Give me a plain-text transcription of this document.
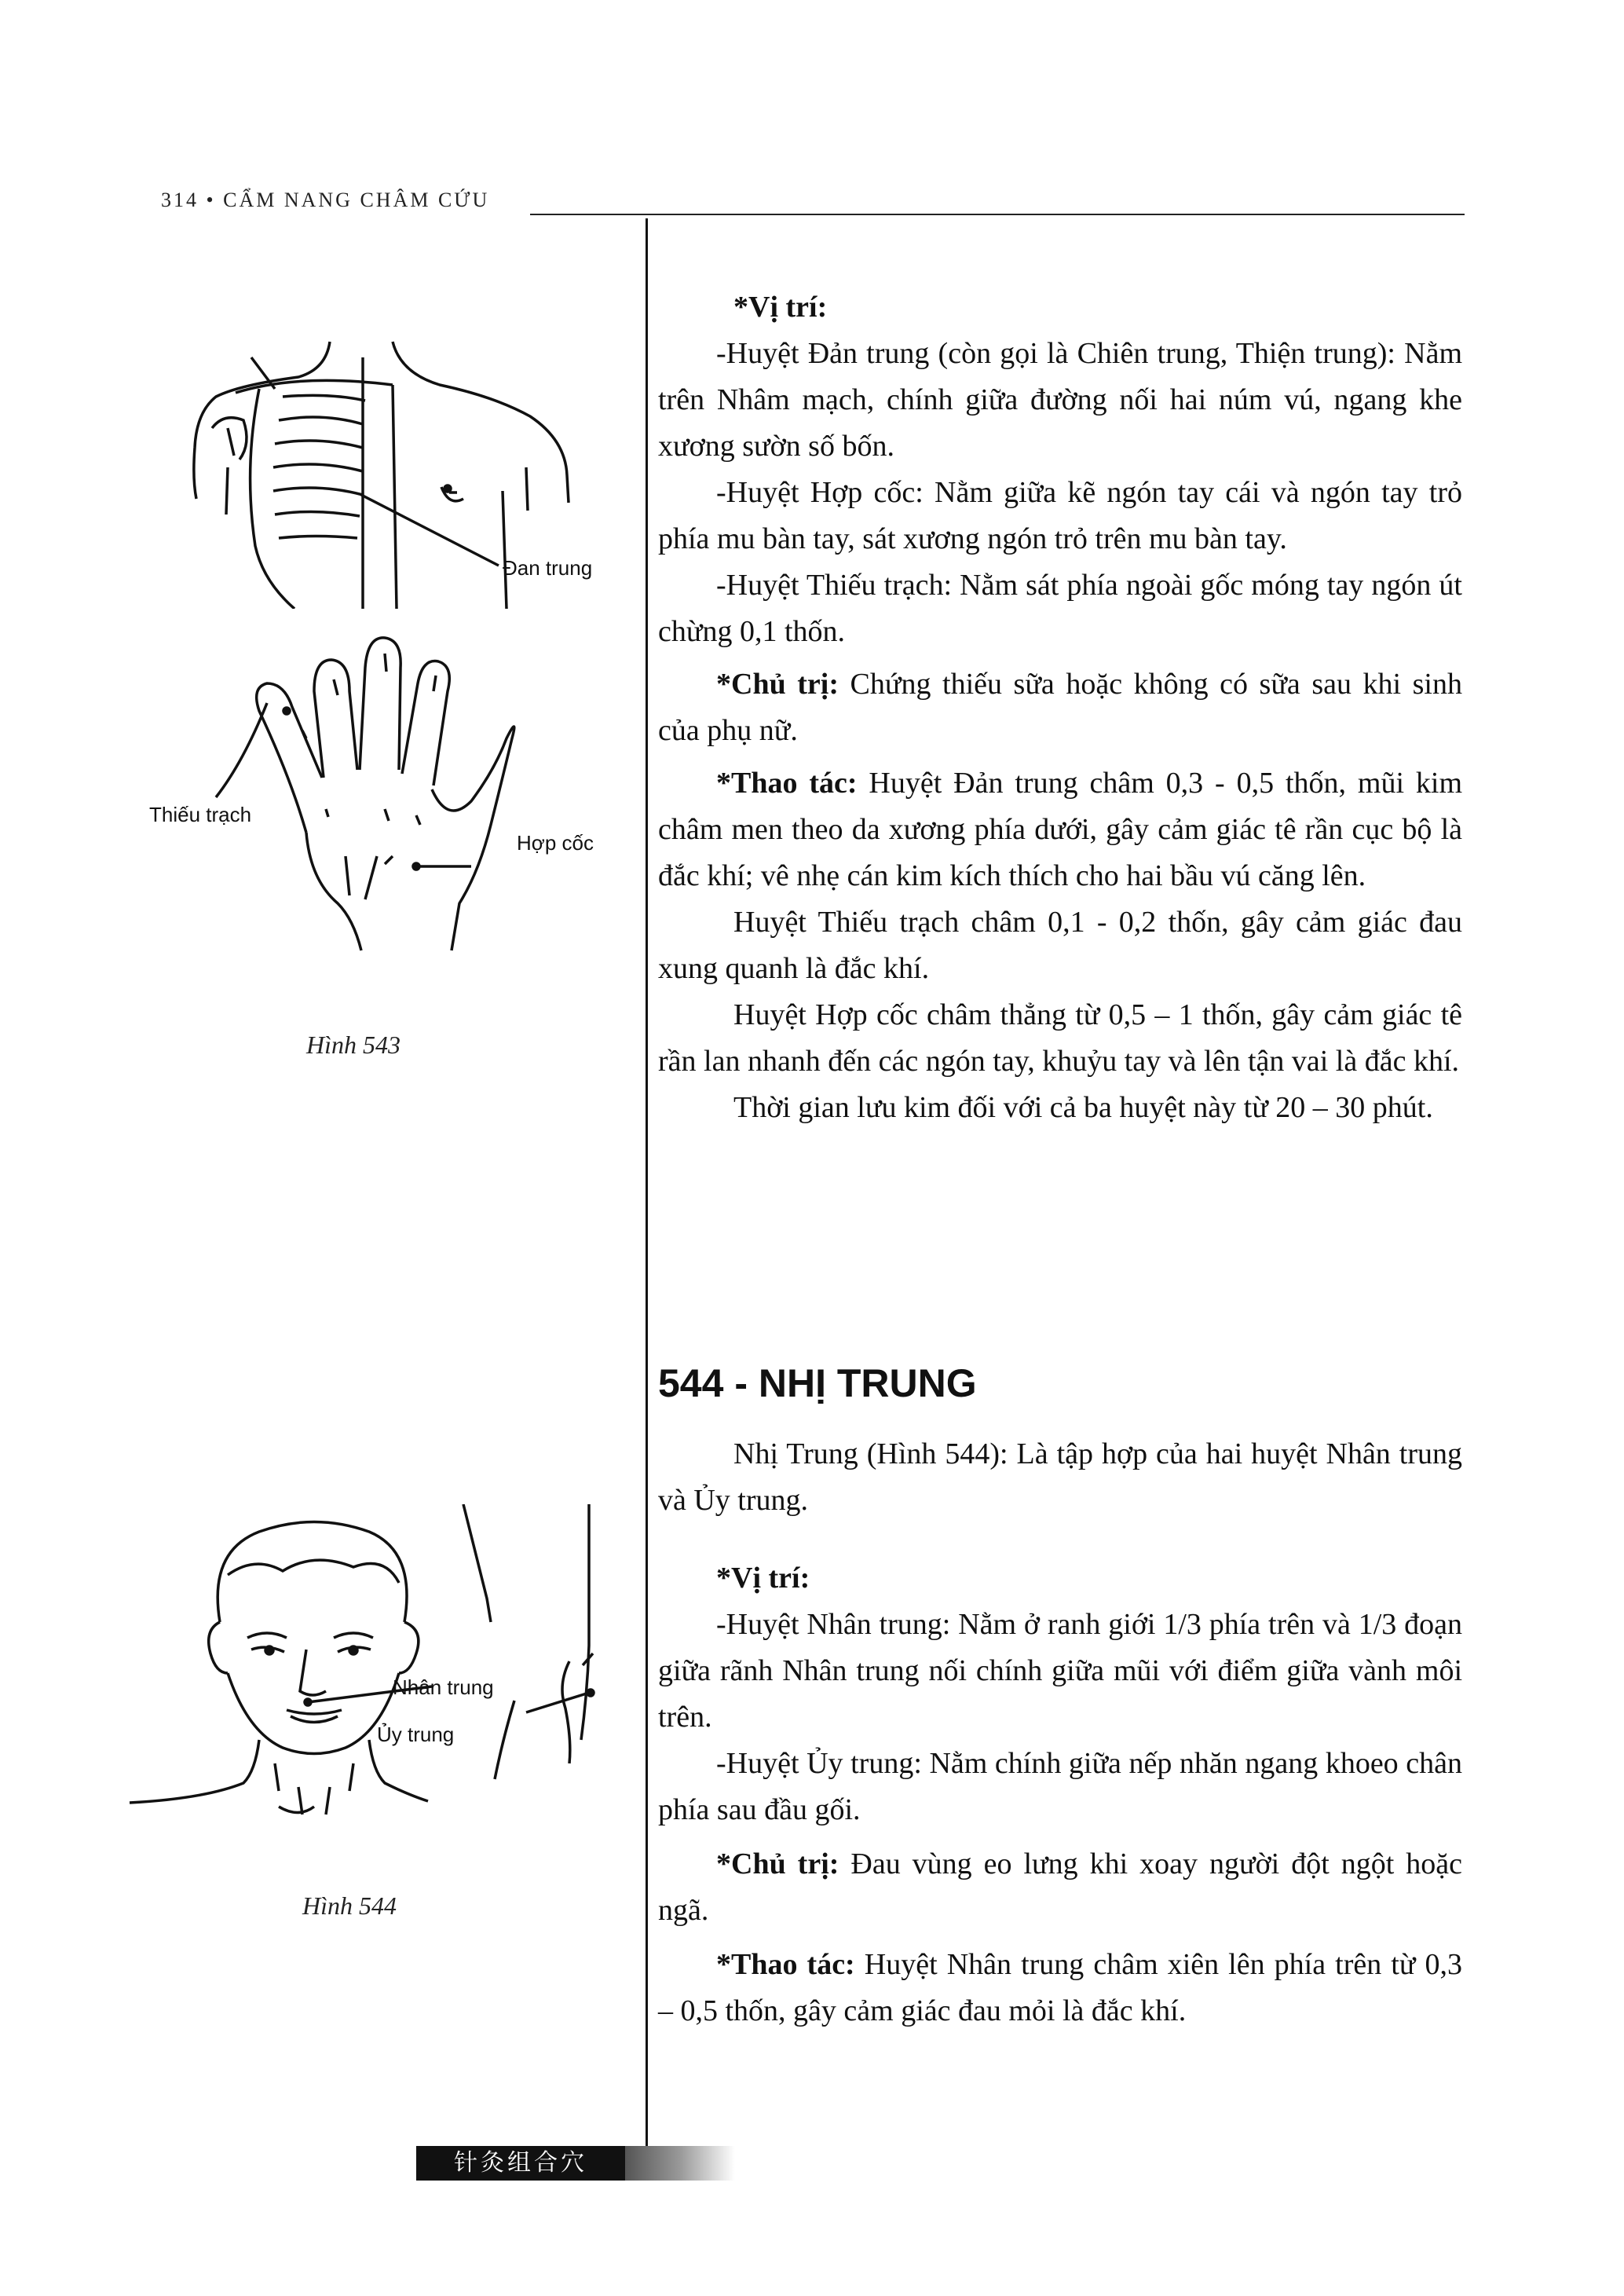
314 • CẨM NANG CHÂM CỨU
Đan trung
Thiếu trạch
Hợp cốc
Hình 543
Nhân trung
Ủy trung
Hình 544

*Vị trí:

-Huyệt Đản trung (còn gọi là Chiên trung, Thiện trung): Nằm trên Nhâm mạch, chính giữa đường nối hai núm vú, ngang khe xương sườn số bốn.

-Huyệt Hợp cốc: Nằm giữa kẽ ngón tay cái và ngón tay trỏ phía mu bàn tay, sát xương ngón trỏ trên mu bàn tay.

-Huyệt Thiếu trạch: Nằm sát phía ngoài gốc móng tay ngón út chừng 0,1 thốn.

*Chủ trị: Chứng thiếu sữa hoặc không có sữa sau khi sinh của phụ nữ.

*Thao tác: Huyệt Đản trung châm 0,3 - 0,5 thốn, mũi kim châm men theo da xương phía dưới, gây cảm giác tê rần cục bộ là đắc khí; vê nhẹ cán kim kích thích cho hai bầu vú căng lên.

Huyệt Thiếu trạch châm 0,1 - 0,2 thốn, gây cảm giác đau xung quanh là đắc khí.

Huyệt Hợp cốc châm thẳng từ 0,5 – 1 thốn, gây cảm giác tê rần lan nhanh đến các ngón tay, khuỷu tay và lên tận vai là đắc khí.

Thời gian lưu kim đối với cả ba huyệt này từ 20 – 30 phút.

544 - NHỊ TRUNG

Nhị Trung (Hình 544): Là tập hợp của hai huyệt Nhân trung và Ủy trung.

*Vị trí:

-Huyệt Nhân trung: Nằm ở ranh giới 1/3 phía trên và 1/3 đoạn giữa rãnh Nhân trung nối chính giữa mũi với điểm giữa vành môi trên.

-Huyệt Ủy trung: Nằm chính giữa nếp nhăn ngang khoeo chân phía sau đầu gối.

*Chủ trị: Đau vùng eo lưng khi xoay người đột ngột hoặc ngã.

*Thao tác: Huyệt Nhân trung châm xiên lên phía trên từ 0,3 – 0,5 thốn, gây cảm giác đau mỏi là đắc khí.

针灸组合穴
